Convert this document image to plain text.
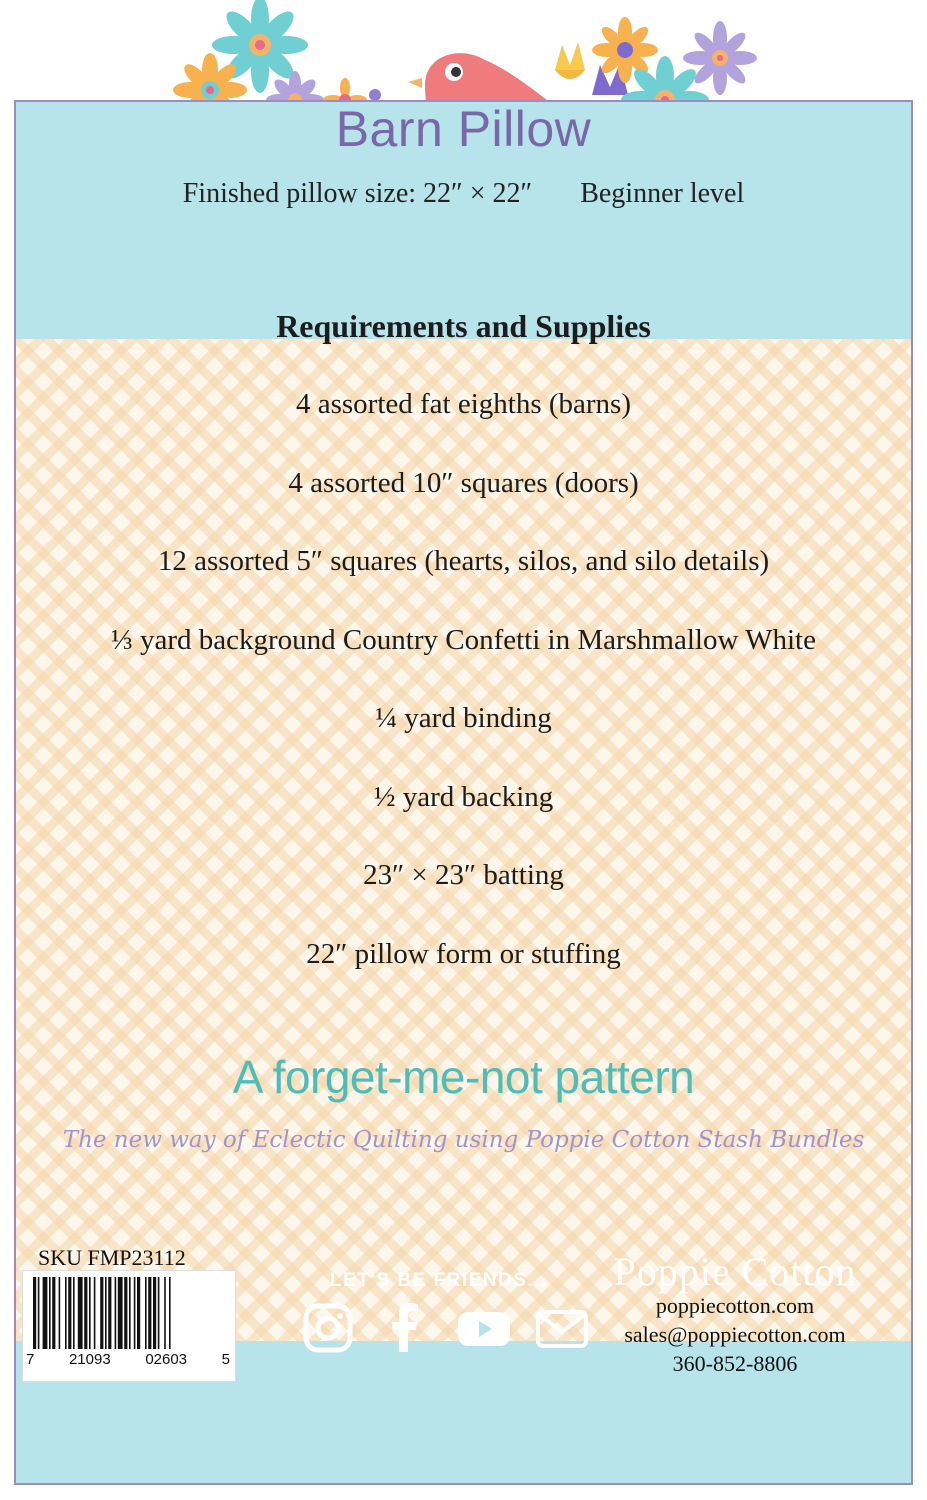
Barn Pillow
Finished pillow size: 22″ × 22″ Beginner level
Requirements and Supplies
4 assorted fat eighths (barns)
4 assorted 10″ squares (doors)
12 assorted 5″ squares (hearts, silos, and silo details)
⅓ yard background Country Confetti in Marshmallow White
¼ yard binding
½ yard backing
23″ × 23″ batting
22″ pillow form or stuffing
A forget-me-not pattern
The new way of Eclectic Quilting using Poppie Cotton Stash Bundles
SKU FMP23112
7 21093 02603 5
LET'S BE FRIENDS...	Poppie Cotton
poppiecotton.com
sales@poppiecotton.com
360-852-8806
